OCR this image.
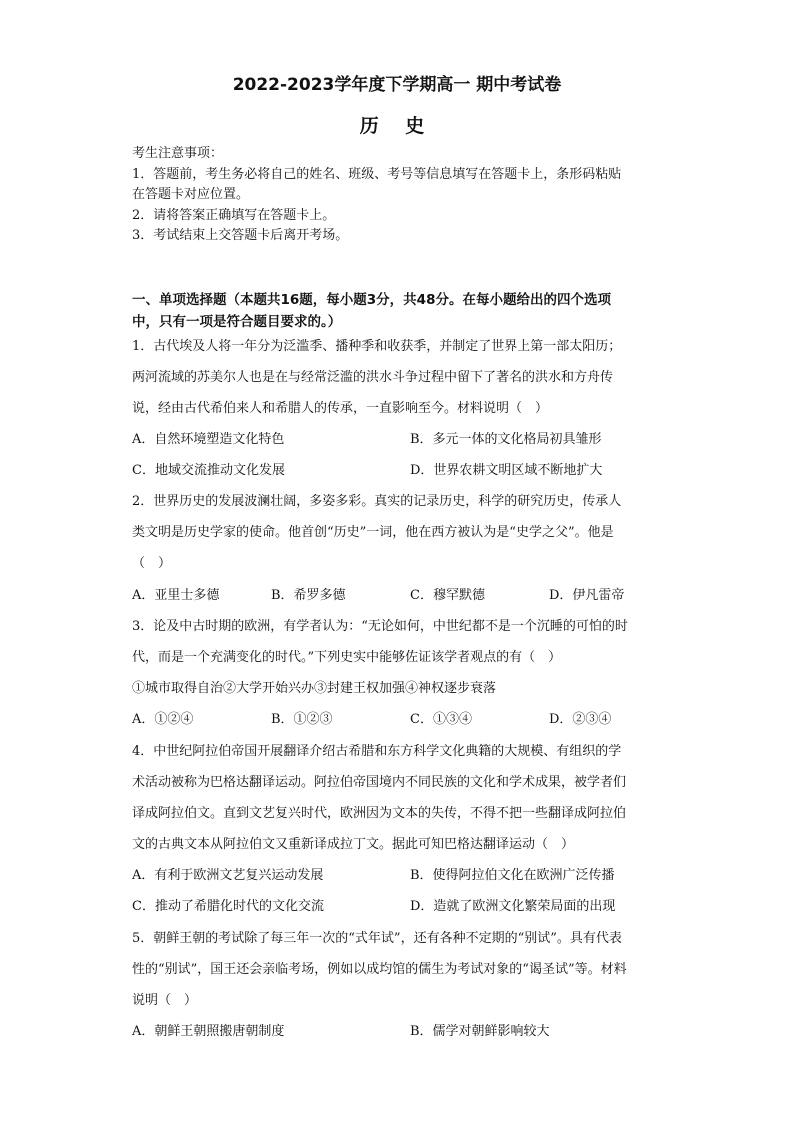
2022-2023学年度下学期高一 期中考试卷
历 史
考生注意事项：
1．答题前，考生务必将自己的姓名、班级、考号等信息填写在答题卡上，条形码粘贴
在答题卡对应位置。
2．请将答案正确填写在答题卡上。
3．考试结束上交答题卡后离开考场。
一、单项选择题（本题共16题，每小题3分，共48分。在每小题给出的四个选项
中，只有一项是符合题目要求的。）
1．古代埃及人将一年分为泛滥季、播种季和收获季，并制定了世界上第一部太阳历；
两河流域的苏美尔人也是在与经常泛滥的洪水斗争过程中留下了著名的洪水和方舟传
说，经由古代希伯来人和希腊人的传承，一直影响至今。材料说明（　）
A．自然环境塑造文化特色	B．多元一体的文化格局初具雏形
C．地域交流推动文化发展	D．世界农耕文明区域不断地扩大
2．世界历史的发展波澜壮阔，多姿多彩。真实的记录历史，科学的研究历史，传承人
类文明是历史学家的使命。他首创“历史”一词，他在西方被认为是“史学之父”。他是
（　）
A．亚里士多德	B．希罗多德	C．穆罕默德	D．伊凡雷帝
3．论及中古时期的欧洲，有学者认为：“无论如何，中世纪都不是一个沉睡的可怕的时
代，而是一个充满变化的时代。”下列史实中能够佐证该学者观点的有（　）
①城市取得自治②大学开始兴办③封建王权加强④神权逐步衰落
A．①②④	B．①②③	C．①③④	D．②③④
4．中世纪阿拉伯帝国开展翻译介绍古希腊和东方科学文化典籍的大规模、有组织的学
术活动被称为巴格达翻译运动。阿拉伯帝国境内不同民族的文化和学术成果，被学者们
译成阿拉伯文。直到文艺复兴时代，欧洲因为文本的失传，不得不把一些翻译成阿拉伯
文的古典文本从阿拉伯文又重新译成拉丁文。据此可知巴格达翻译运动（　）
A．有利于欧洲文艺复兴运动发展	B．使得阿拉伯文化在欧洲广泛传播
C．推动了希腊化时代的文化交流	D．造就了欧洲文化繁荣局面的出现
5．朝鲜王朝的考试除了每三年一次的“式年试”，还有各种不定期的“别试”。具有代表
性的“别试”，国王还会亲临考场，例如以成均馆的儒生为考试对象的“谒圣试”等。材料
说明（　）
A．朝鲜王朝照搬唐朝制度	B．儒学对朝鲜影响较大
